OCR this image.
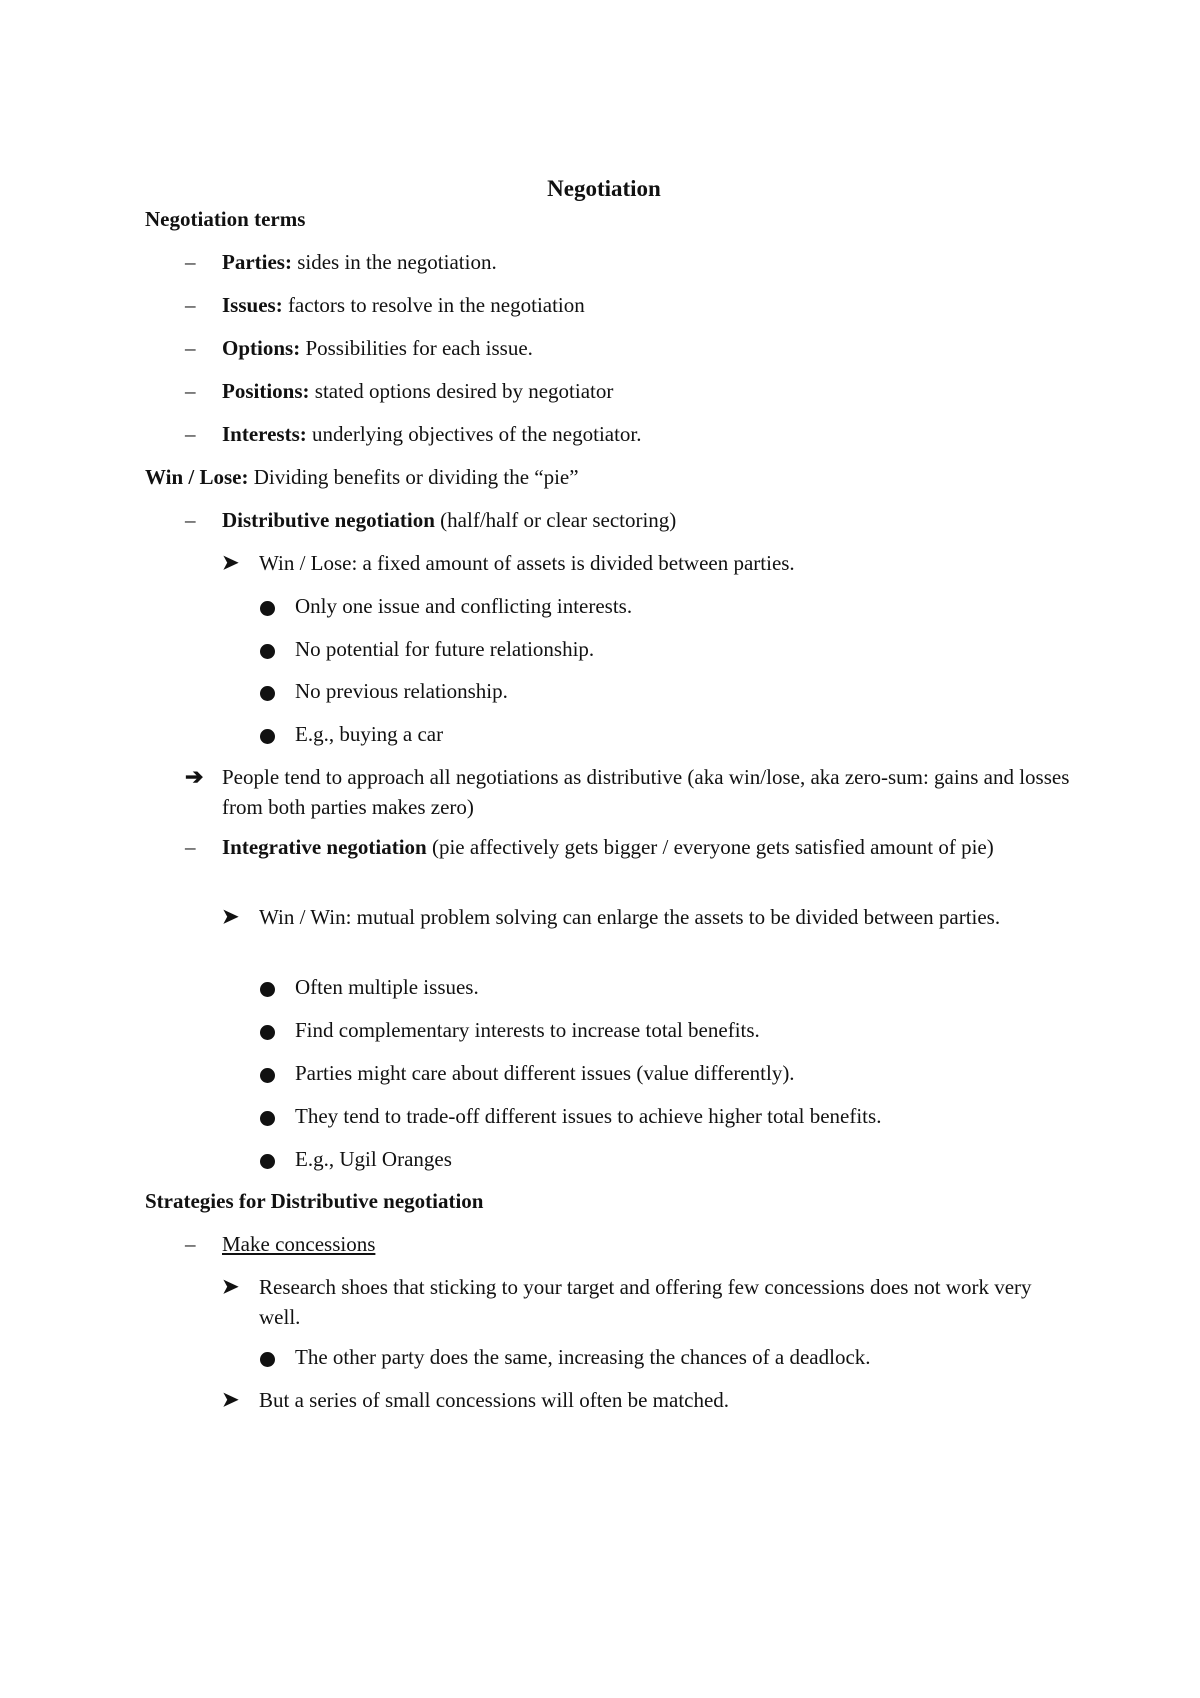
Negotiation
Negotiation terms
– Parties: sides in the negotiation.
– Issues: factors to resolve in the negotiation
– Options: Possibilities for each issue.
– Positions: stated options desired by negotiator
– Interests: underlying objectives of the negotiator.
Win / Lose: Dividing benefits or dividing the “pie”
– Distributive negotiation (half/half or clear sectoring)
➤ Win / Lose: a fixed amount of assets is divided between parties.
Only one issue and conflicting interests.
No potential for future relationship.
No previous relationship.
E.g., buying a car
➔ People tend to approach all negotiations as distributive (aka win/lose, aka zero-sum: gains and losses from both parties makes zero)
– Integrative negotiation (pie affectively gets bigger / everyone gets satisfied amount of pie)
➤ Win / Win: mutual problem solving can enlarge the assets to be divided between parties.
Often multiple issues.
Find complementary interests to increase total benefits.
Parties might care about different issues (value differently).
They tend to trade-off different issues to achieve higher total benefits.
E.g., Ugil Oranges
Strategies for Distributive negotiation
– Make concessions
➤ Research shoes that sticking to your target and offering few concessions does not work very well.
The other party does the same, increasing the chances of a deadlock.
➤ But a series of small concessions will often be matched.
